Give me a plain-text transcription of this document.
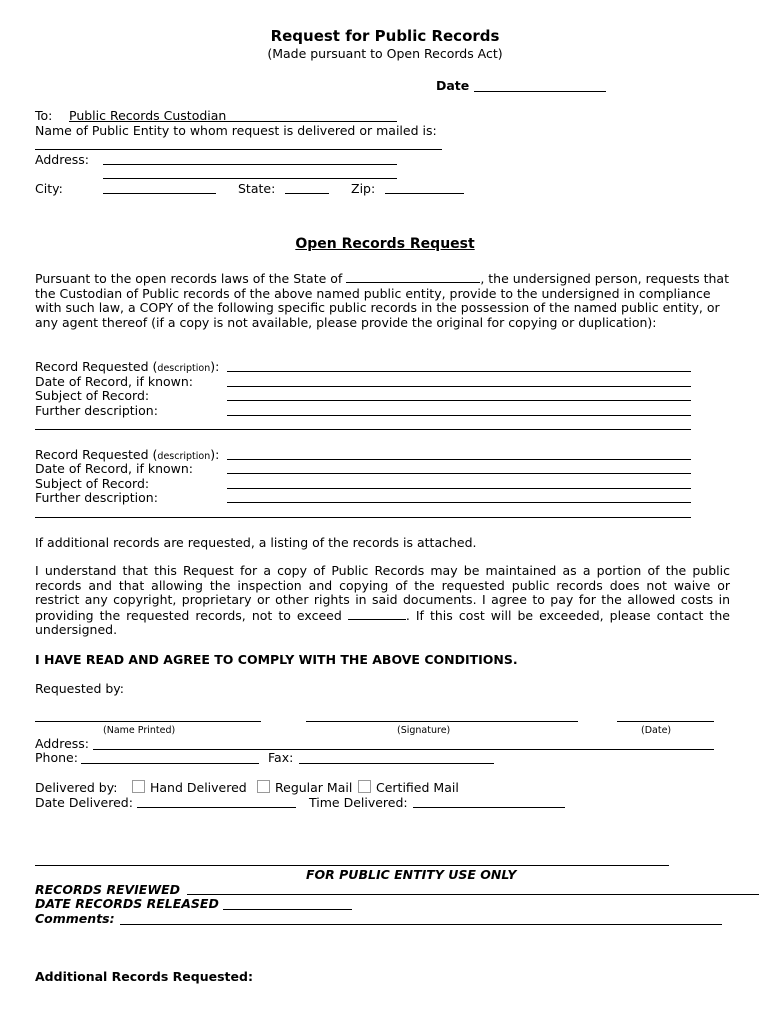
Request for Public Records
(Made pursuant to Open Records Act)
Date
To: Public Records Custodian
Name of Public Entity to whom request is delivered or mailed is:
Address:
City:	State:	Zip:
Open Records Request
Pursuant to the open records laws of the State of	, the undersigned person, requests that the Custodian of Public records of the above named public entity, provide to the undersigned in compliance with such law, a COPY of the following specific public records in the possession of the named public entity, or any agent thereof (if a copy is not available, please provide the original for copying or duplication):
Record Requested (description):
Date of Record, if known:
Subject of Record:
Further description:
Record Requested (description):
Date of Record, if known:
Subject of Record:
Further description:
If additional records are requested, a listing of the records is attached.
I understand that this Request for a copy of Public Records may be maintained as a portion of the public records and that allowing the inspection and copying of the requested public records does not waive or restrict any copyright, proprietary or other rights in said documents. I agree to pay for the allowed costs in providing the requested records, not to exceed	. If this cost will be exceeded, please contact the undersigned.
I HAVE READ AND AGREE TO COMPLY WITH THE ABOVE CONDITIONS.
Requested by:
(Name Printed)	(Signature)	(Date)
Address:
Phone:	Fax:
Delivered by:	Hand Delivered Regular Mail Certified Mail
Date Delivered:	Time Delivered:
FOR PUBLIC ENTITY USE ONLY
RECORDS REVIEWED
DATE RECORDS RELEASED
Comments:
Additional Records Requested:
